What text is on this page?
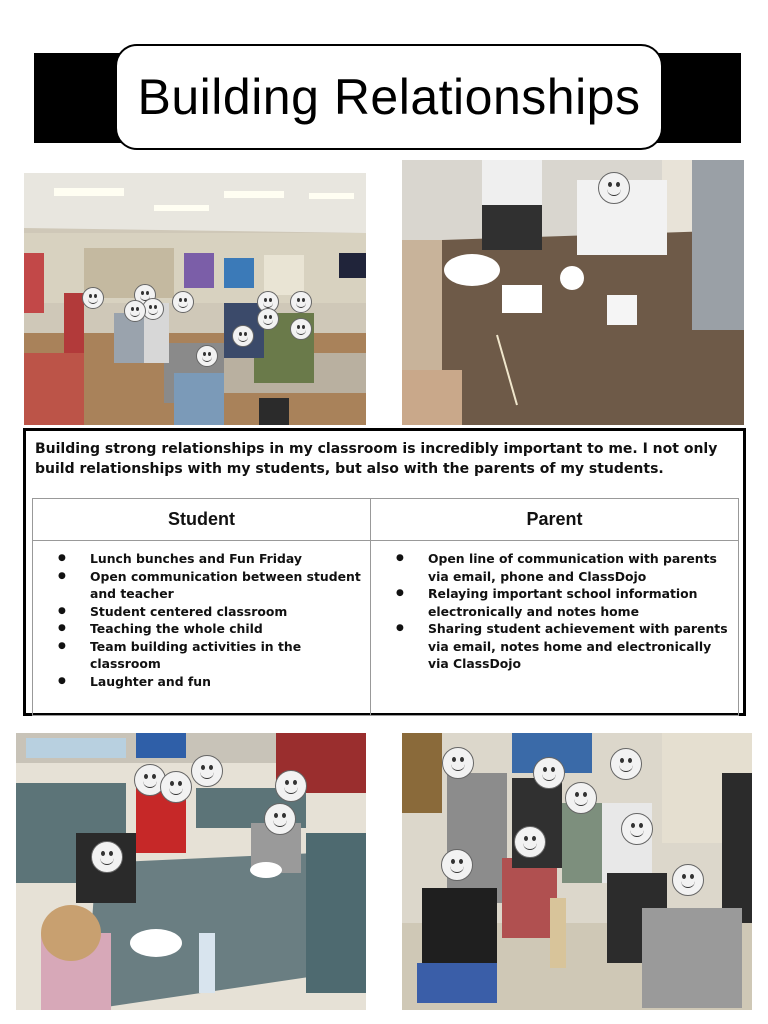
Building Relationships
Building strong relationships in my classroom is incredibly important to me. I not only build relationships with my students, but also with the parents of my students.
Student
● Lunch bunches and Fun Friday
● Open communication between student and teacher
● Student centered classroom
● Teaching the whole child
● Team building activities in the classroom
● Laughter and fun
Parent
● Open line of communication with parents via email, phone and ClassDojo
● Relaying important school information electronically and notes home
● Sharing student achievement with parents via email, notes home and electronically via ClassDojo
